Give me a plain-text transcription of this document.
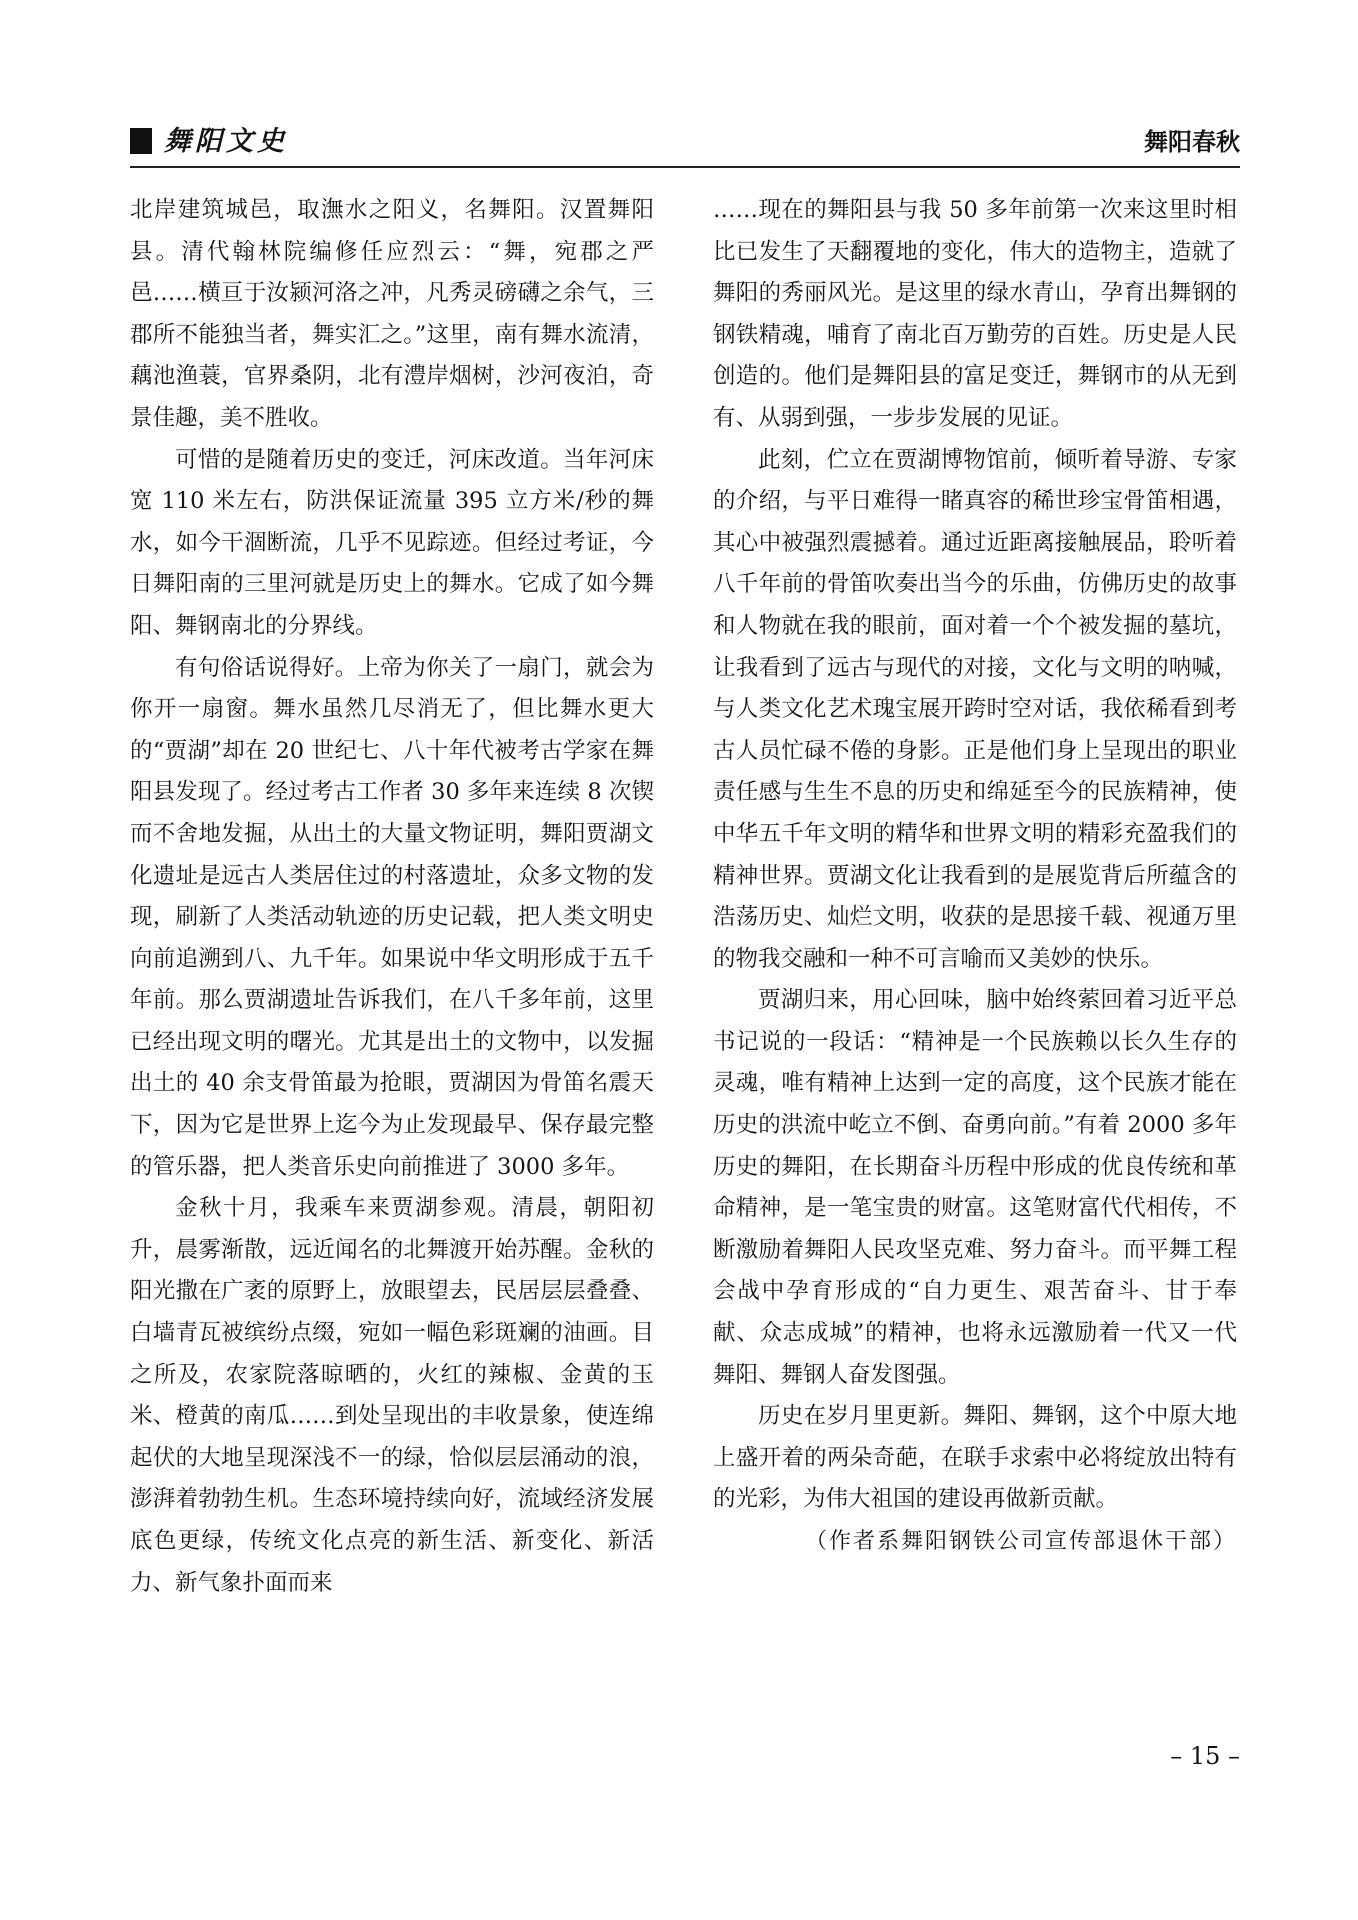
舞阳文史	舞阳春秋

北岸建筑城邑，取潕水之阳义，名舞阳。汉置舞阳县。清代翰林院编修任应烈云：“舞，宛郡之严邑……横亘于汝颍河洛之冲，凡秀灵磅礴之余气，三郡所不能独当者，舞实汇之。”这里，南有舞水流清，藕池渔蓑，官界桑阴，北有澧岸烟树，沙河夜泊，奇景佳趣，美不胜收。

可惜的是随着历史的变迁，河床改道。当年河床宽 110 米左右，防洪保证流量 395 立方米/秒的舞水，如今干涸断流，几乎不见踪迹。但经过考证，今日舞阳南的三里河就是历史上的舞水。它成了如今舞阳、舞钢南北的分界线。

有句俗话说得好。上帝为你关了一扇门，就会为你开一扇窗。舞水虽然几尽消无了，但比舞水更大的“贾湖”却在 20 世纪七、八十年代被考古学家在舞阳县发现了。经过考古工作者 30 多年来连续 8 次锲而不舍地发掘，从出土的大量文物证明，舞阳贾湖文化遗址是远古人类居住过的村落遗址，众多文物的发现，刷新了人类活动轨迹的历史记载，把人类文明史向前追溯到八、九千年。如果说中华文明形成于五千年前。那么贾湖遗址告诉我们，在八千多年前，这里已经出现文明的曙光。尤其是出土的文物中，以发掘出土的 40 余支骨笛最为抢眼，贾湖因为骨笛名震天下，因为它是世界上迄今为止发现最早、保存最完整的管乐器，把人类音乐史向前推进了 3000 多年。

金秋十月，我乘车来贾湖参观。清晨，朝阳初升，晨雾渐散，远近闻名的北舞渡开始苏醒。金秋的阳光撒在广袤的原野上，放眼望去，民居层层叠叠、白墙青瓦被缤纷点缀，宛如一幅色彩斑斓的油画。目之所及，农家院落晾晒的，火红的辣椒、金黄的玉米、橙黄的南瓜……到处呈现出的丰收景象，使连绵起伏的大地呈现深浅不一的绿，恰似层层涌动的浪，澎湃着勃勃生机。生态环境持续向好，流域经济发展底色更绿，传统文化点亮的新生活、新变化、新活力、新气象扑面而来

……现在的舞阳县与我 50 多年前第一次来这里时相比已发生了天翻覆地的变化，伟大的造物主，造就了舞阳的秀丽风光。是这里的绿水青山，孕育出舞钢的钢铁精魂，哺育了南北百万勤劳的百姓。历史是人民创造的。他们是舞阳县的富足变迁，舞钢市的从无到有、从弱到强，一步步发展的见证。

此刻，伫立在贾湖博物馆前，倾听着导游、专家的介绍，与平日难得一睹真容的稀世珍宝骨笛相遇，其心中被强烈震撼着。通过近距离接触展品，聆听着八千年前的骨笛吹奏出当今的乐曲，仿佛历史的故事和人物就在我的眼前，面对着一个个被发掘的墓坑，让我看到了远古与现代的对接，文化与文明的呐喊，与人类文化艺术瑰宝展开跨时空对话，我依稀看到考古人员忙碌不倦的身影。正是他们身上呈现出的职业责任感与生生不息的历史和绵延至今的民族精神，使中华五千年文明的精华和世界文明的精彩充盈我们的精神世界。贾湖文化让我看到的是展览背后所蕴含的浩荡历史、灿烂文明，收获的是思接千载、视通万里的物我交融和一种不可言喻而又美妙的快乐。

贾湖归来，用心回味，脑中始终萦回着习近平总书记说的一段话：“精神是一个民族赖以长久生存的灵魂，唯有精神上达到一定的高度，这个民族才能在历史的洪流中屹立不倒、奋勇向前。”有着 2000 多年历史的舞阳，在长期奋斗历程中形成的优良传统和革命精神，是一笔宝贵的财富。这笔财富代代相传，不断激励着舞阳人民攻坚克难、努力奋斗。而平舞工程会战中孕育形成的“自力更生、艰苦奋斗、甘于奉献、众志成城”的精神，也将永远激励着一代又一代舞阳、舞钢人奋发图强。

历史在岁月里更新。舞阳、舞钢，这个中原大地上盛开着的两朵奇葩，在联手求索中必将绽放出特有的光彩，为伟大祖国的建设再做新贡献。

（作者系舞阳钢铁公司宣传部退休干部）

– 15 –
